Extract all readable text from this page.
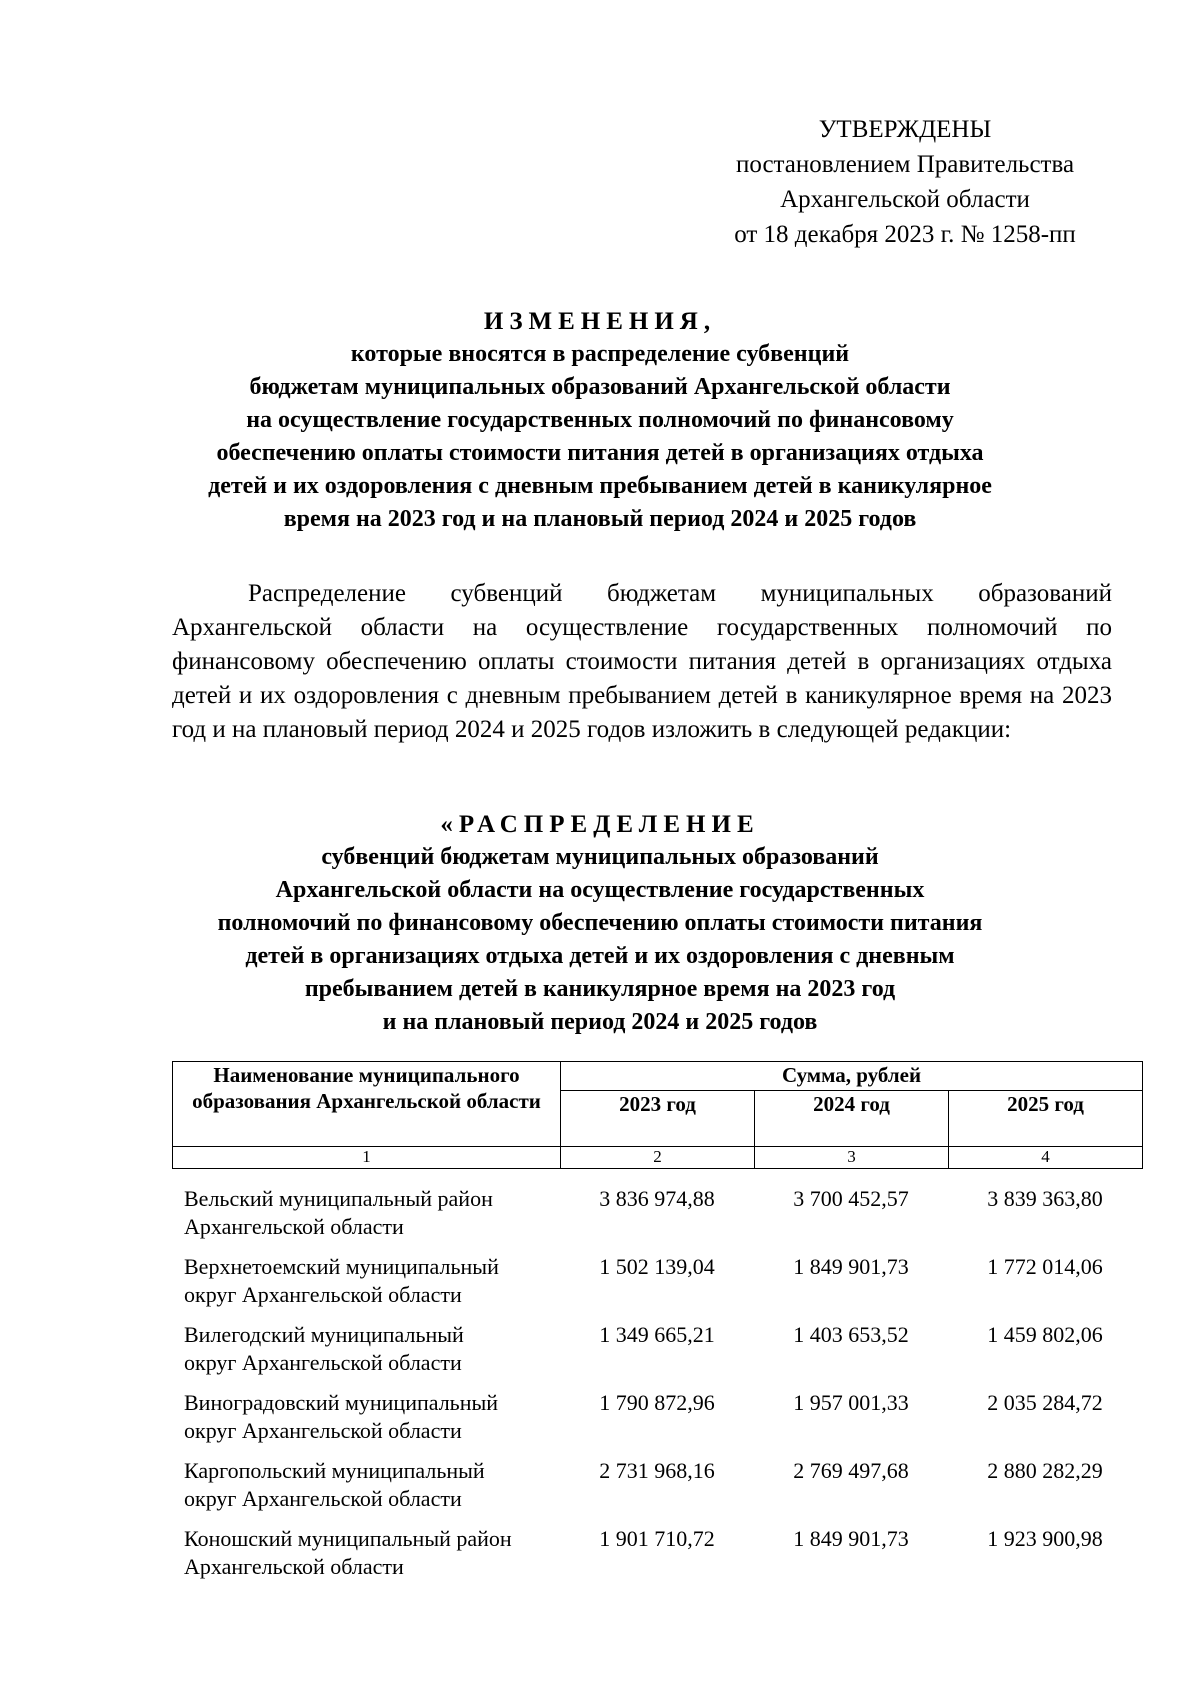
УТВЕРЖДЕНЫ
постановлением Правительства
Архангельской области
от 18 декабря 2023 г. № 1258-пп
ИЗМЕНЕНИЯ,
которые вносятся в распределение субвенций
бюджетам муниципальных образований Архангельской области
на осуществление государственных полномочий по финансовому
обеспечению оплаты стоимости питания детей в организациях отдыха
детей и их оздоровления с дневным пребыванием детей в каникулярное
время на 2023 год и на плановый период 2024 и 2025 годов

Распределение субвенций бюджетам муниципальных образований Архангельской области на осуществление государственных полномочий по финансовому обеспечению оплаты стоимости питания детей в организациях отдыха детей и их оздоровления с дневным пребыванием детей в каникулярное время на 2023 год и на плановый период 2024 и 2025 годов изложить в следующей редакции:

«РАСПРЕДЕЛЕНИЕ
субвенций бюджетам муниципальных образований
Архангельской области на осуществление государственных
полномочий по финансовому обеспечению оплаты стоимости питания
детей в организациях отдыха детей и их оздоровления с дневным
пребыванием детей в каникулярное время на 2023 год
и на плановый период 2024 и 2025 годов
Наименование муниципального образования Архангельской области	Сумма, рублей		
	2023 год	2024 год	2025 год
1	2	3	4
Вельский муниципальный район
Архангельской области	3 836 974,88	3 700 452,57	3 839 363,80

Верхнетоемский муниципальный
округ Архангельской области	1 502 139,04	1 849 901,73	1 772 014,06

Вилегодский муниципальный
округ Архангельской области	1 349 665,21	1 403 653,52	1 459 802,06

Виноградовский муниципальный
округ Архангельской области	1 790 872,96	1 957 001,33	2 035 284,72

Каргопольский муниципальный
округ Архангельской области	2 731 968,16	2 769 497,68	2 880 282,29

Коношский муниципальный район
Архангельской области	1 901 710,72	1 849 901,73	1 923 900,98
